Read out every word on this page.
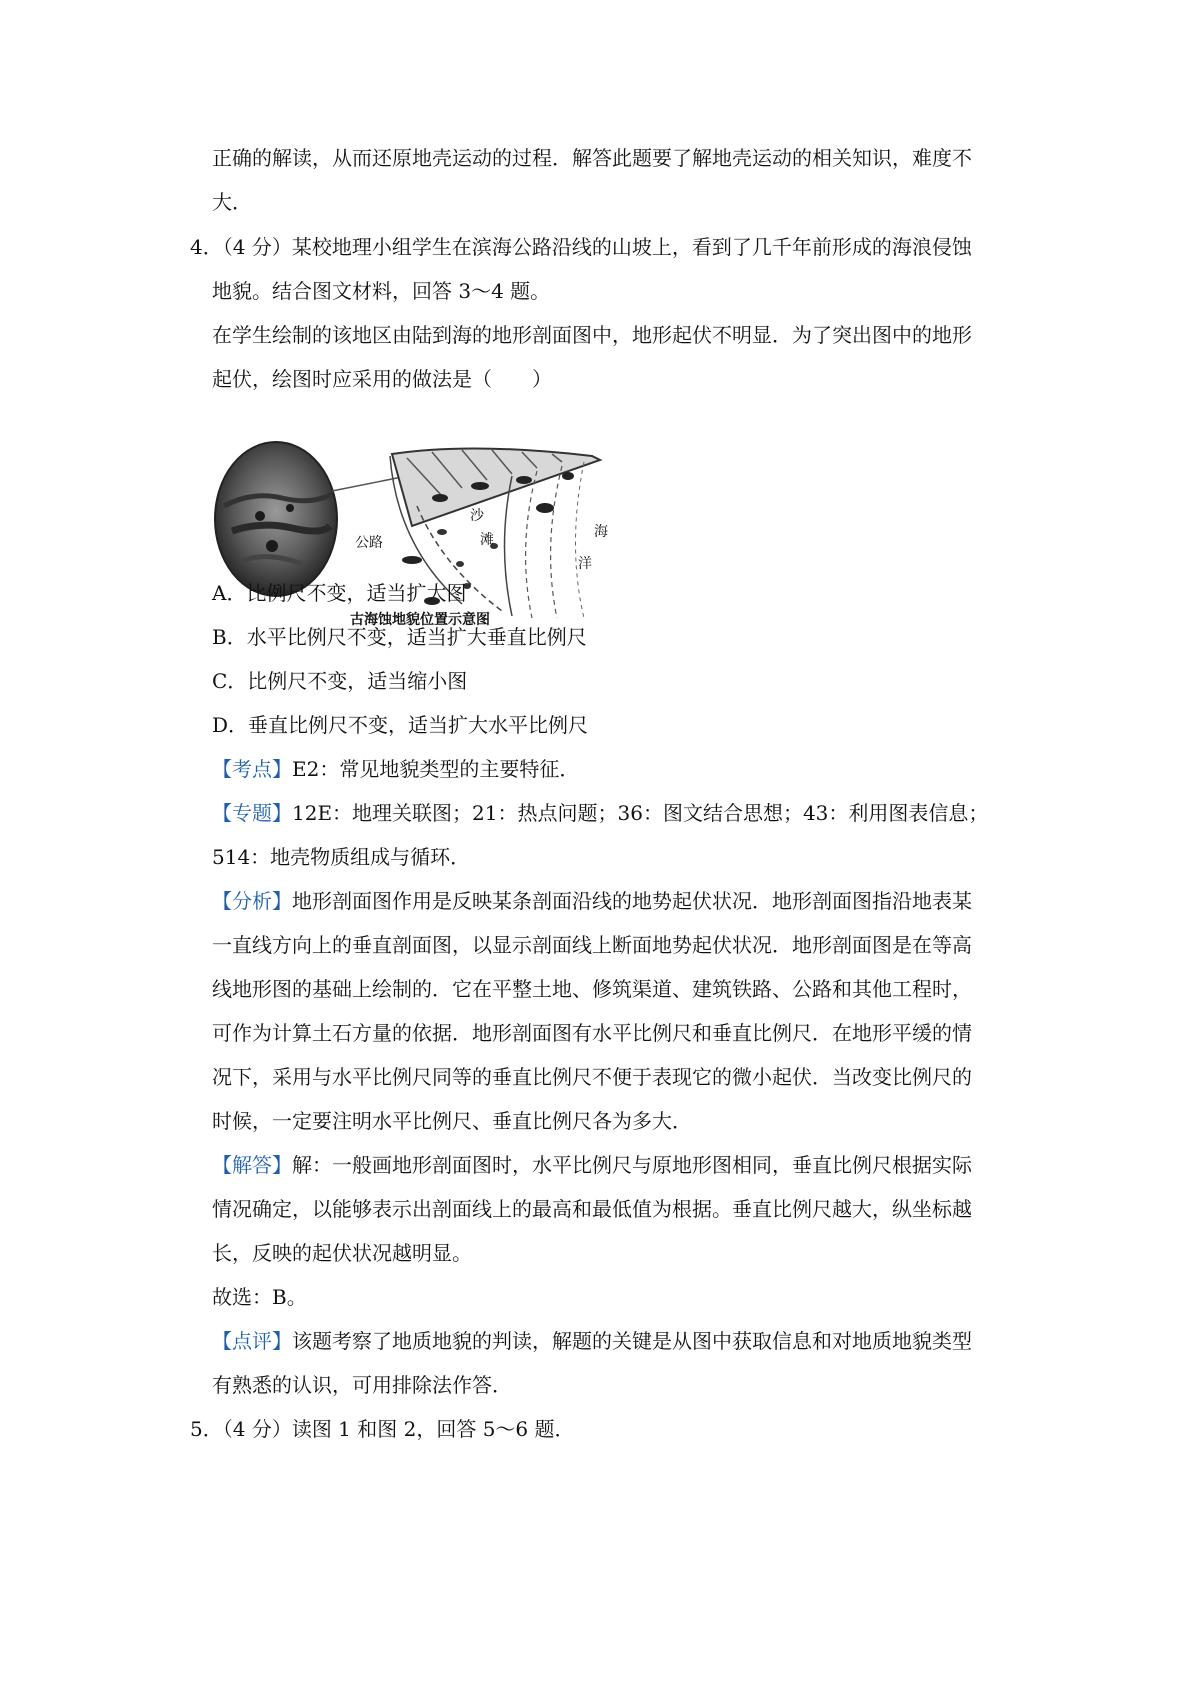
正确的解读，从而还原地壳运动的过程．解答此题要了解地壳运动的相关知识，难度不
大．
4．（4 分）某校地理小组学生在滨海公路沿线的山坡上，看到了几千年前形成的海浪侵蚀
地貌。结合图文材料，回答 3～4 题。
在学生绘制的该地区由陆到海的地形剖面图中，地形起伏不明显．为了突出图中的地形
起伏，绘图时应采用的做法是（　　）
公路
沙
滩	海
洋
古海蚀地貌位置示意图
A．比例尺不变，适当扩大图
B．水平比例尺不变，适当扩大垂直比例尺
C．比例尺不变，适当缩小图
D．垂直比例尺不变，适当扩大水平比例尺
【考点】E2：常见地貌类型的主要特征．
【专题】12E：地理关联图；21：热点问题；36：图文结合思想；43：利用图表信息；
514：地壳物质组成与循环．
【分析】地形剖面图作用是反映某条剖面沿线的地势起伏状况．地形剖面图指沿地表某
一直线方向上的垂直剖面图，以显示剖面线上断面地势起伏状况．地形剖面图是在等高
线地形图的基础上绘制的．它在平整土地、修筑渠道、建筑铁路、公路和其他工程时，
可作为计算土石方量的依据．地形剖面图有水平比例尺和垂直比例尺．在地形平缓的情
况下，采用与水平比例尺同等的垂直比例尺不便于表现它的微小起伏．当改变比例尺的
时候，一定要注明水平比例尺、垂直比例尺各为多大．
【解答】解：一般画地形剖面图时，水平比例尺与原地形图相同，垂直比例尺根据实际
情况确定，以能够表示出剖面线上的最高和最低值为根据。垂直比例尺越大，纵坐标越
长，反映的起伏状况越明显。
故选：B。
【点评】该题考察了地质地貌的判读，解题的关键是从图中获取信息和对地质地貌类型
有熟悉的认识，可用排除法作答．
5．（4 分）读图 1 和图 2，回答 5～6 题．
